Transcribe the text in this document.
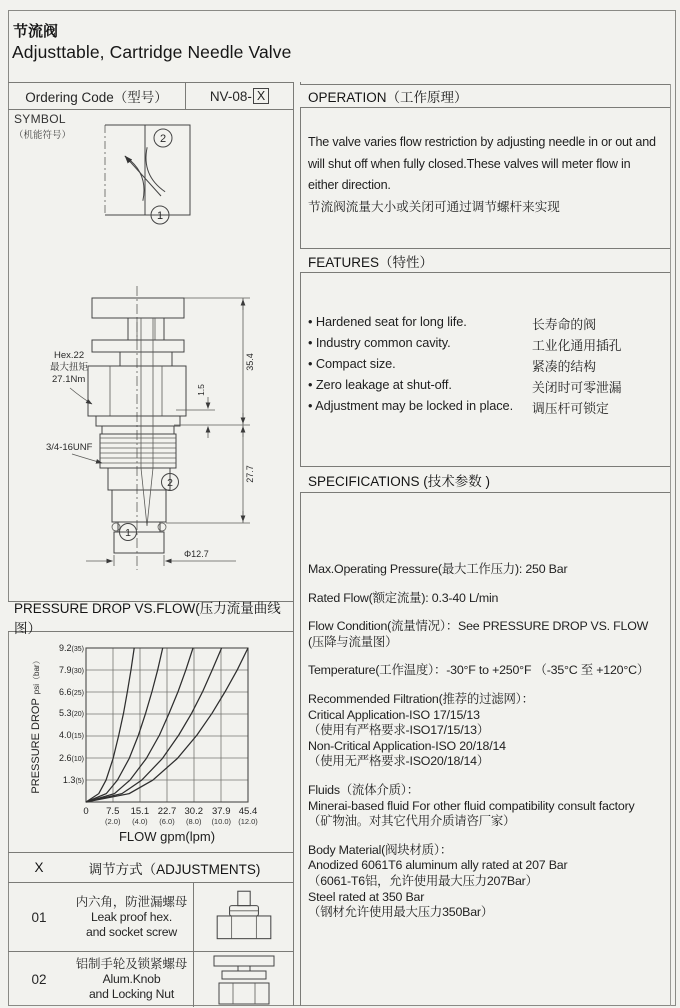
节流阀
Adjusttable, Cartridge Needle Valve
Ordering Code（型号）	NV-08- X
SYMBOL
（机能符号）	2
1
2
1
35.4
27.7
1.5
Φ12.7
Hex.22
最大扭矩
27.1Nm
3/4-16UNF
OPERATION（工作原理）
The valve varies flow restriction by adjusting needle in or out and
will shut off when fully closed.These valves will meter flow in
either direction.
节流阀流量大小或关闭可通过调节螺杆来实现
FEATURES（特性）
• Hardened seat for long life.	长寿命的阀
• Industry common cavity.	工业化通用插孔
• Compact size.	紧凑的结构
• Zero leakage at shut-off.	关闭时可零泄漏
• Adjustment may be locked in place. 调压杆可锁定
SPECIFICATIONS (技术参数 )
Max.Operating Pressure(最大工作压力): 250 Bar
Rated Flow(额定流量): 0.3-40 L/min
Flow Condition(流量情况）：See PRESSURE DROP VS. FLOW
(压降与流量图）
Temperature(工作温度）：-30°F to +250°F （-35°C 至 +120°C）
Recommended Filtration(推荐的过滤网）：
Critical Application-ISO 17/15/13
（使用有严格要求-ISO17/15/13）
Non-Critical Application-ISO 20/18/14
（使用无严格要求-ISO20/18/14）
Fluids（流体介质）：
Minerai-based fluid For other fluid compatibility consult factory
（矿物油。对其它代用介质请咨厂家）
Body Material(阀块材质）：
Anodized 6061T6 aluminum ally rated at 207 Bar
（6061-T6铝，允许使用最大压力207Bar）
Steel rated at 350 Bar
（钢材允许使用最大压力350Bar）
PRESSURE DROP VS.FLOW(压力流量曲线图）
PRESSURE DROP
psi（bar）
FLOW gpm(lpm)
1.3(5)
2.6(10)
4.0(15)
5.3(20)
6.6(25)
7.9(30)
9.2(35)
0	7.5
(2.0)
15.1
(4.0)
22.7
(6.0)
30.2
(8.0)
37.9
(10.0)
45.4
(12.0)
X	调节方式（ADJUSTMENTS)
01
内六角，防泄漏螺母
Leak proof hex.
and socket screw
02
铝制手轮及锁紧螺母
Alum.Knob
and Locking Nut
